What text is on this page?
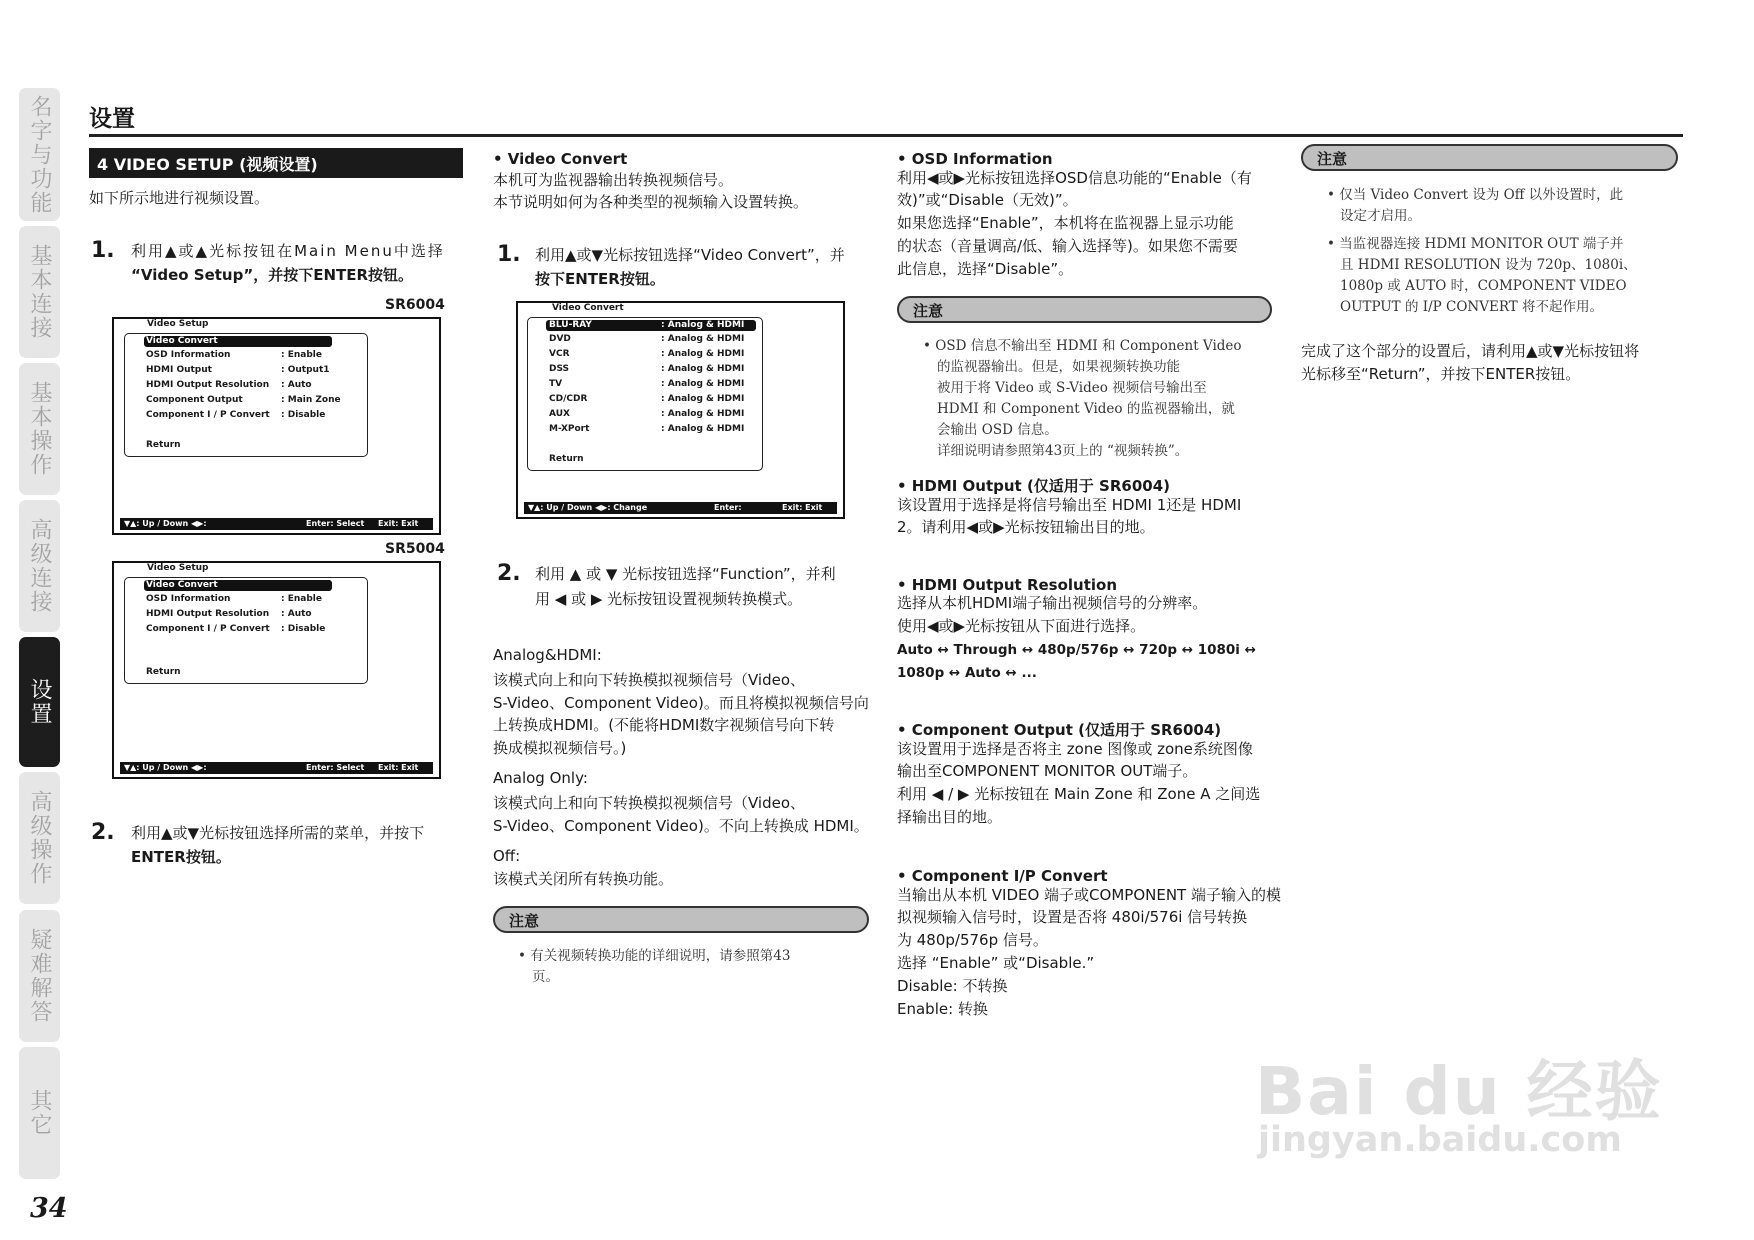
名字与功能
基本连接
基本操作
高级连接
设置
高级操作
疑难解答
其它
34
设置
4 VIDEO SETUP (视频设置)
如下所示地进行视频设置。
1. 利用▲或▲光标按钮在Main Menu中选择
“Video Setup”，并按下ENTER按钮。
SR6004
Video Setup
Video Convert
OSD Information	: Enable
HDMI Output	: Output1
HDMI Output Resolution : Auto
Component Output	: Main Zone
Component I / P Convert : Disable
Return
▼▲: Up / Down ◀▶:	Enter: Select Exit: Exit
SR5004
Video Setup
Video Convert
OSD Information	: Enable
HDMI Output Resolution : Auto
Component I / P Convert : Disable
Return
▼▲: Up / Down ◀▶:	Enter: Select Exit: Exit
2. 利用▲或▼光标按钮选择所需的菜单，并按下
ENTER按钮。
• Video Convert
本机可为监视器输出转换视频信号。
本节说明如何为各种类型的视频输入设置转换。
1. 利用▲或▼光标按钮选择“Video Convert”，并
按下ENTER按钮。
Video Convert
BLU-RAY	: Analog & HDMI
DVD	: Analog & HDMI
VCR	: Analog & HDMI
DSS	: Analog & HDMI
TV	: Analog & HDMI
CD/CDR	: Analog & HDMI
AUX	: Analog & HDMI
M-XPort	: Analog & HDMI
Return
▼▲: Up / Down ◀▶: Change	Enter:	Exit: Exit
2. 利用 ▲ 或 ▼ 光标按钮选择“Function”，并利
用 ◀ 或 ▶ 光标按钮设置视频转换模式。
Analog&HDMI:
该模式向上和向下转换模拟视频信号（Video、
S-Video、Component Video)。而且将模拟视频信号向
上转换成HDMI。(不能将HDMI数字视频信号向下转
换成模拟视频信号。)
Analog Only:
该模式向上和向下转换模拟视频信号（Video、
S-Video、Component Video)。不向上转换成 HDMI。
Off:
该模式关闭所有转换功能。
注意
• 有关视频转换功能的详细说明，请参照第43
页。
• OSD Information
利用◀或▶光标按钮选择OSD信息功能的“Enable（有
效)”或“Disable（无效)”。
如果您选择“Enable”，本机将在监视器上显示功能
的状态（音量调高/低、输入选择等)。如果您不需要
此信息，选择“Disable”。
注意
• OSD 信息不输出至 HDMI 和 Component Video
的监视器输出。但是，如果视频转换功能
被用于将 Video 或 S-Video 视频信号输出至
HDMI 和 Component Video 的监视器输出，就
会输出 OSD 信息。
详细说明请参照第43页上的 “视频转换”。
• HDMI Output (仅适用于 SR6004)
该设置用于选择是将信号输出至 HDMI 1还是 HDMI
2。请利用◀或▶光标按钮输出目的地。
• HDMI Output Resolution
选择从本机HDMI端子输出视频信号的分辨率。
使用◀或▶光标按钮从下面进行选择。
Auto ↔ Through ↔ 480p/576p ↔ 720p ↔ 1080i ↔
1080p ↔ Auto ↔ ...
• Component Output (仅适用于 SR6004)
该设置用于选择是否将主 zone 图像或 zone系统图像
输出至COMPONENT MONITOR OUT端子。
利用 ◀ / ▶ 光标按钮在 Main Zone 和 Zone A 之间选
择输出目的地。
• Component I/P Convert
当输出从本机 VIDEO 端子或COMPONENT 端子输入的模
拟视频输入信号时，设置是否将 480i/576i 信号转换
为 480p/576p 信号。
选择 “Enable” 或“Disable.”
Disable: 不转换
Enable: 转换
注意
• 仅当 Video Convert 设为 Off 以外设置时，此
设定才启用。
• 当监视器连接 HDMI MONITOR OUT 端子并
且 HDMI RESOLUTION 设为 720p、1080i、
1080p 或 AUTO 时，COMPONENT VIDEO
OUTPUT 的 I/P CONVERT 将不起作用。
完成了这个部分的设置后，请利用▲或▼光标按钮将
光标移至“Return”，并按下ENTER按钮。
Bai du 经验
jingyan.baidu.com
